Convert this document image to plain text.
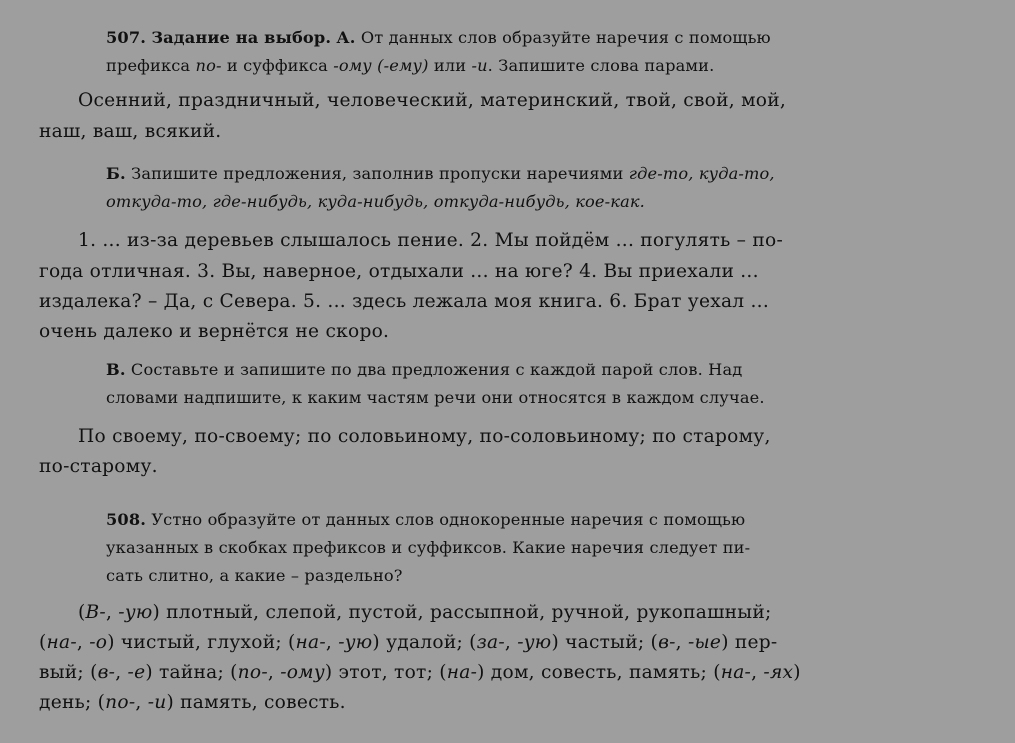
507. Задание на выбор. А. От данных слов образуйте наречия с помощью
префикса по- и суффикса -ому (-ему) или -и. Запишите слова парами.
Осенний, праздничный, человеческий, материнский, твой, свой, мой,
наш, ваш, всякий.
Б. Запишите предложения, заполнив пропуски наречиями где-то, куда-то,
откуда-то, где-нибудь, куда-нибудь, откуда-нибудь, кое-как.
1. ... из-за деревьев слышалось пение. 2. Мы пойдём ... погулять – по-
года отличная. 3. Вы, наверное, отдыхали ... на юге? 4. Вы приехали ...
издалека? – Да, с Севера. 5. ... здесь лежала моя книга. 6. Брат уехал ...
очень далеко и вернётся не скоро.
В. Составьте и запишите по два предложения с каждой парой слов. Над
словами надпишите, к каким частям речи они относятся в каждом случае.
По своему, по-своему; по соловьиному, по-соловьиному; по старому,
по-старому.
508. Устно образуйте от данных слов однокоренные наречия с помощью
указанных в скобках префиксов и суффиксов. Какие наречия следует пи-
сать слитно, а какие – раздельно?
(В-, -ую) плотный, слепой, пустой, рассыпной, ручной, рукопашный;
(на-, -о) чистый, глухой; (на-, -ую) удалой; (за-, -ую) частый; (в-, -ые) пер-
вый; (в-, -е) тайна; (по-, -ому) этот, тот; (на-) дом, совесть, память; (на-, -ях)
день; (по-, -и) память, совесть.
